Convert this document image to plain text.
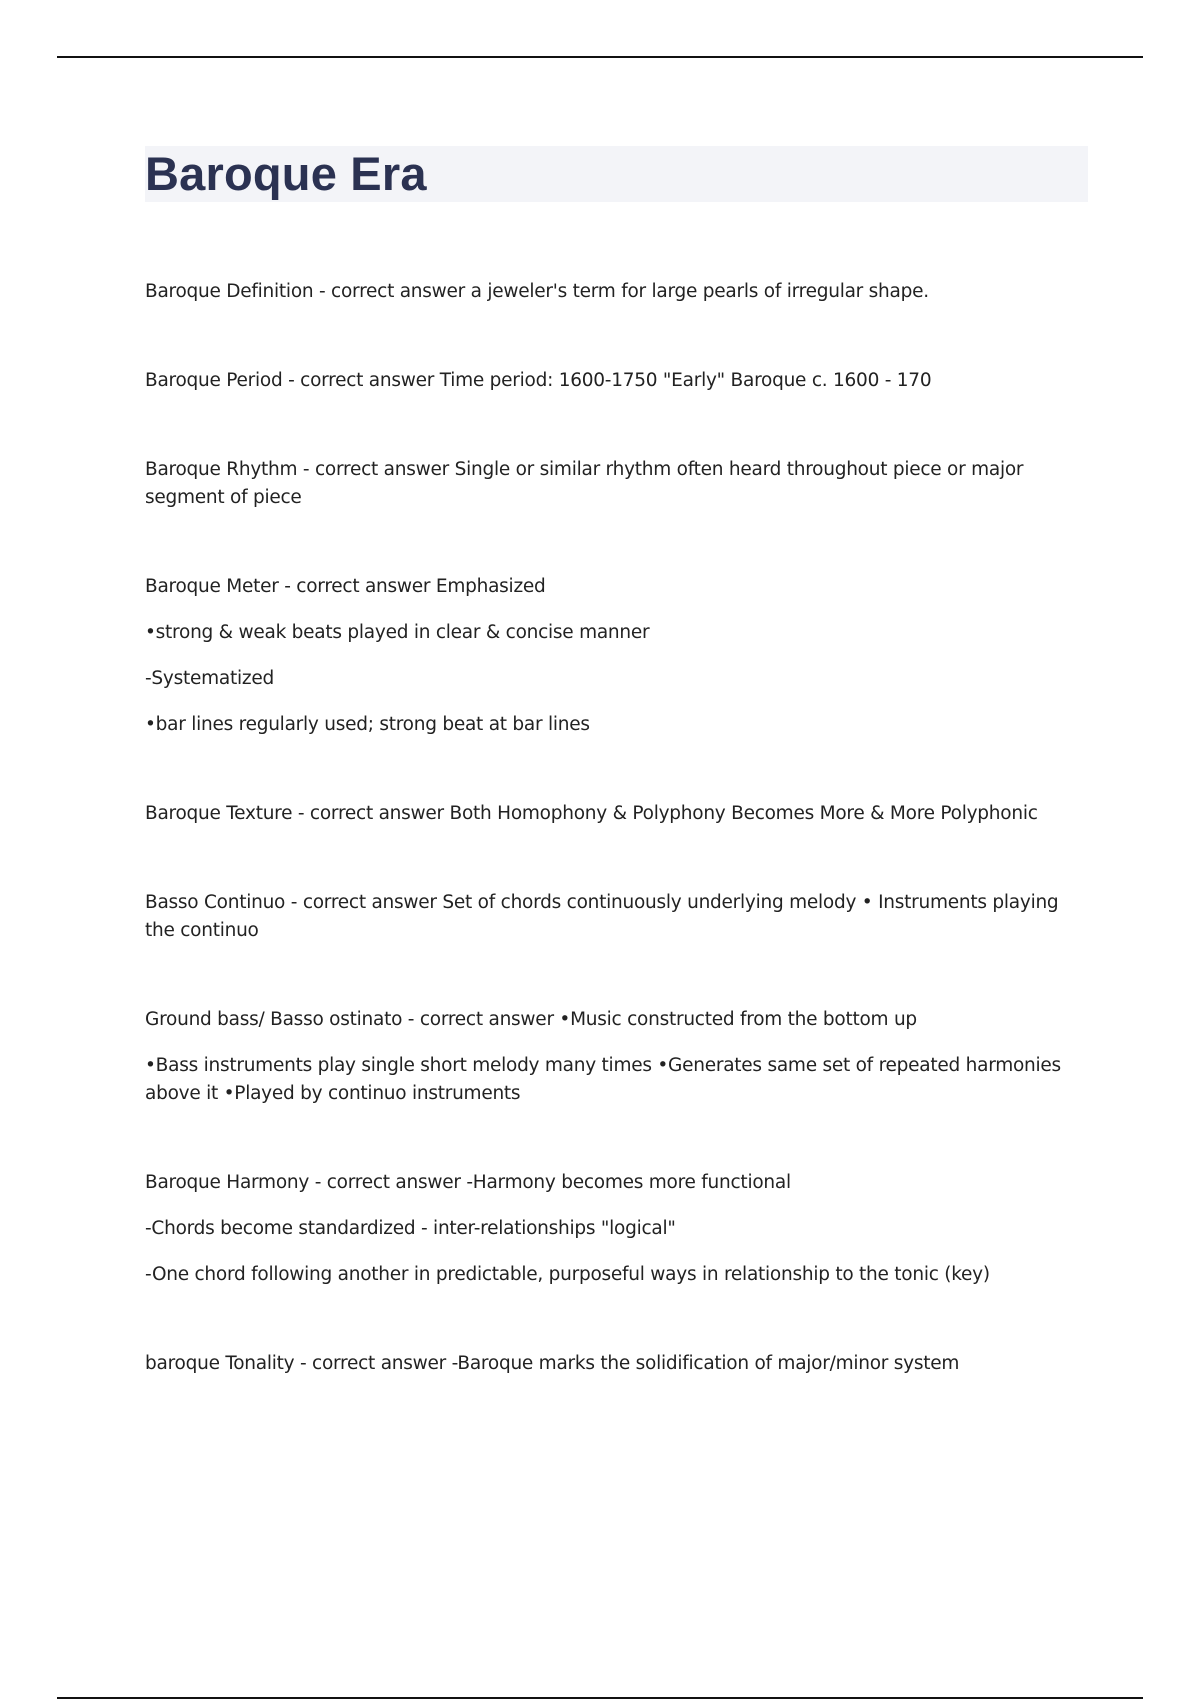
Baroque Era

Baroque Definition - correct answer a jeweler's term for large pearls of irregular shape.

Baroque Period - correct answer Time period: 1600-1750 "Early" Baroque c. 1600 - 170

Baroque Rhythm - correct answer Single or similar rhythm often heard throughout piece or major segment of piece

Baroque Meter - correct answer Emphasized

•strong & weak beats played in clear & concise manner

-Systematized

•bar lines regularly used; strong beat at bar lines

Baroque Texture - correct answer Both Homophony & Polyphony Becomes More & More Polyphonic

Basso Continuo - correct answer Set of chords continuously underlying melody • Instruments playing the continuo

Ground bass/ Basso ostinato - correct answer •Music constructed from the bottom up

•Bass instruments play single short melody many times •Generates same set of repeated harmonies above it •Played by continuo instruments

Baroque Harmony - correct answer -Harmony becomes more functional

-Chords become standardized - inter-relationships "logical"

-One chord following another in predictable, purposeful ways in relationship to the tonic (key)

baroque Tonality - correct answer -Baroque marks the solidification of major/minor system
